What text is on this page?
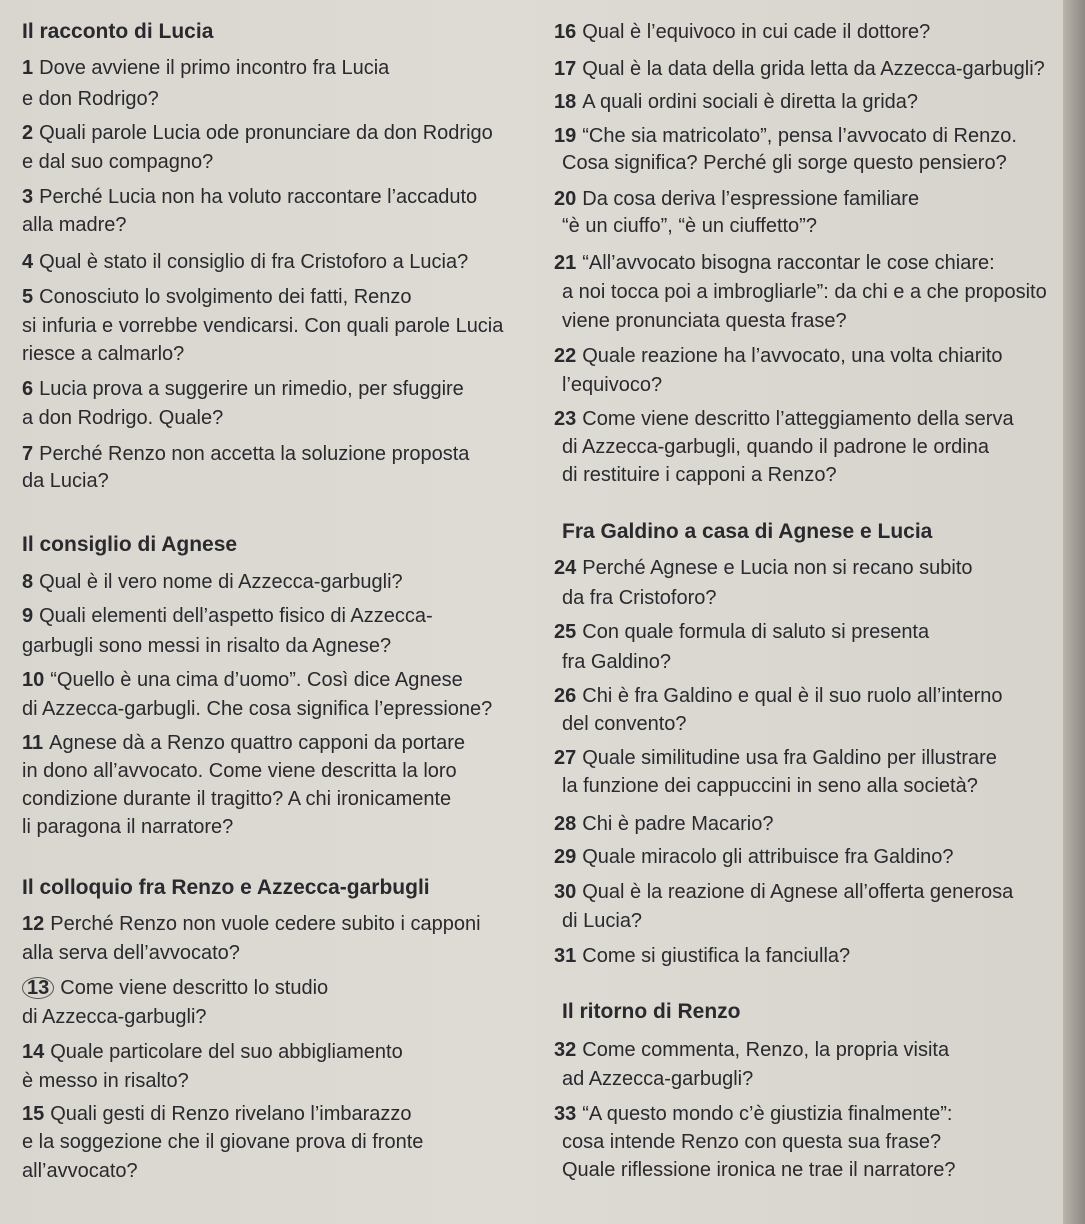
Il racconto di Lucia

1 Dove avviene il primo incontro fra Lucia

e don Rodrigo?

2 Quali parole Lucia ode pronunciare da don Rodrigo

e dal suo compagno?

3 Perché Lucia non ha voluto raccontare l’accaduto

alla madre?

4 Qual è stato il consiglio di fra Cristoforo a Lucia?

5 Conosciuto lo svolgimento dei fatti, Renzo

si infuria e vorrebbe vendicarsi. Con quali parole Lucia

riesce a calmarlo?

6 Lucia prova a suggerire un rimedio, per sfuggire

a don Rodrigo. Quale?

7 Perché Renzo non accetta la soluzione proposta

da Lucia?

Il consiglio di Agnese

8 Qual è il vero nome di Azzecca-garbugli?

9 Quali elementi dell’aspetto fisico di Azzecca-

garbugli sono messi in risalto da Agnese?

10 “Quello è una cima d’uomo”. Così dice Agnese

di Azzecca-garbugli. Che cosa significa l’epressione?

11 Agnese dà a Renzo quattro capponi da portare

in dono all’avvocato. Come viene descritta la loro

condizione durante il tragitto? A chi ironicamente

li paragona il narratore?

Il colloquio fra Renzo e Azzecca-garbugli

12 Perché Renzo non vuole cedere subito i capponi

alla serva dell’avvocato?

13 Come viene descritto lo studio

di Azzecca-garbugli?

14 Quale particolare del suo abbigliamento

è messo in risalto?

15 Quali gesti di Renzo rivelano l’imbarazzo

e la soggezione che il giovane prova di fronte

all’avvocato?

16 Qual è l’equivoco in cui cade il dottore?

17 Qual è la data della grida letta da Azzecca-garbugli?

18 A quali ordini sociali è diretta la grida?

19 “Che sia matricolato”, pensa l’avvocato di Renzo.

Cosa significa? Perché gli sorge questo pensiero?

20 Da cosa deriva l’espressione familiare

“è un ciuffo”, “è un ciuffetto”?

21 “All’avvocato bisogna raccontar le cose chiare:

a noi tocca poi a imbrogliarle”: da chi e a che proposito

viene pronunciata questa frase?

22 Quale reazione ha l’avvocato, una volta chiarito

l’equivoco?

23 Come viene descritto l’atteggiamento della serva

di Azzecca-garbugli, quando il padrone le ordina

di restituire i capponi a Renzo?

Fra Galdino a casa di Agnese e Lucia

24 Perché Agnese e Lucia non si recano subito

da fra Cristoforo?

25 Con quale formula di saluto si presenta

fra Galdino?

26 Chi è fra Galdino e qual è il suo ruolo all’interno

del convento?

27 Quale similitudine usa fra Galdino per illustrare

la funzione dei cappuccini in seno alla società?

28 Chi è padre Macario?

29 Quale miracolo gli attribuisce fra Galdino?

30 Qual è la reazione di Agnese all’offerta generosa

di Lucia?

31 Come si giustifica la fanciulla?

Il ritorno di Renzo

32 Come commenta, Renzo, la propria visita

ad Azzecca-garbugli?

33 “A questo mondo c’è giustizia finalmente”:

cosa intende Renzo con questa sua frase?

Quale riflessione ironica ne trae il narratore?
